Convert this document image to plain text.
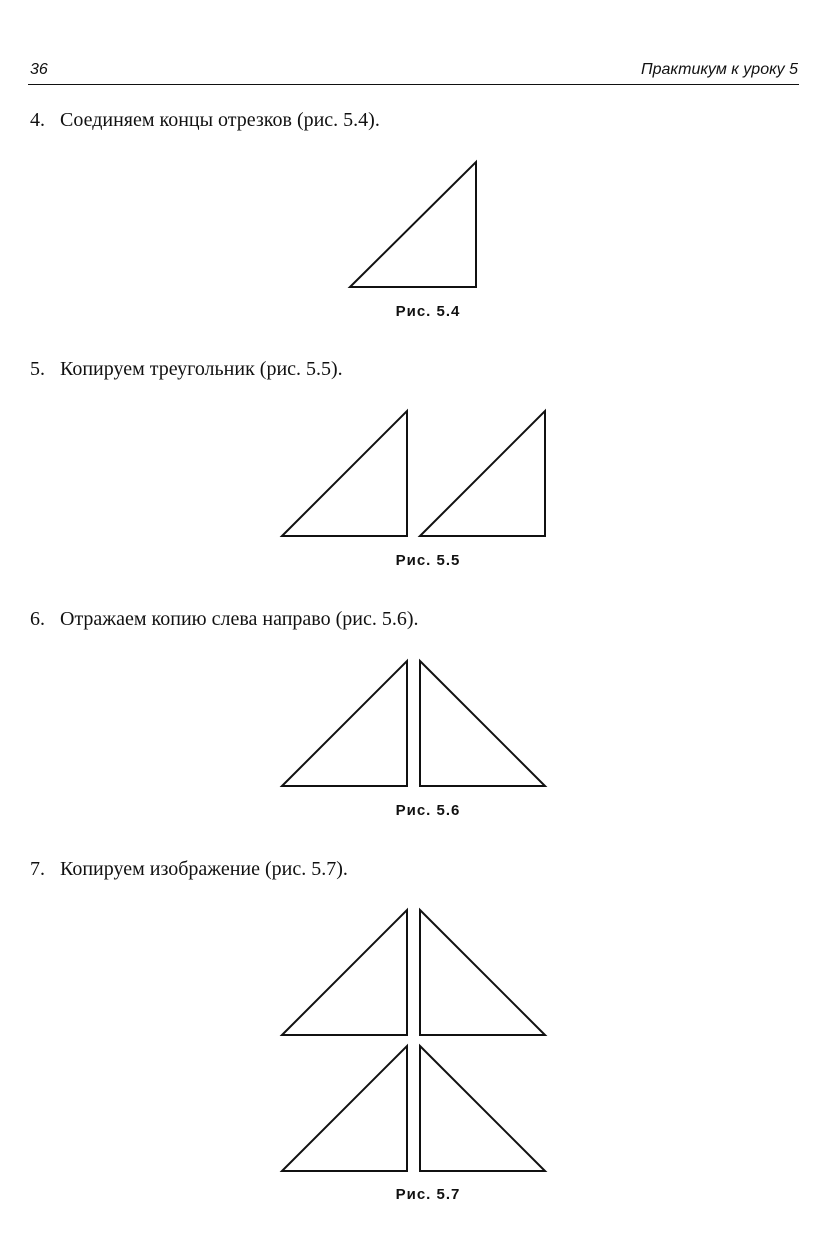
36	Практикум к уроку 5
4. Соединяем концы отрезков (рис. 5.4).
Рис. 5.4
5. Копируем треугольник (рис. 5.5).
Рис. 5.5
6. Отражаем копию слева направо (рис. 5.6).
Рис. 5.6
7. Копируем изображение (рис. 5.7).
Рис. 5.7
